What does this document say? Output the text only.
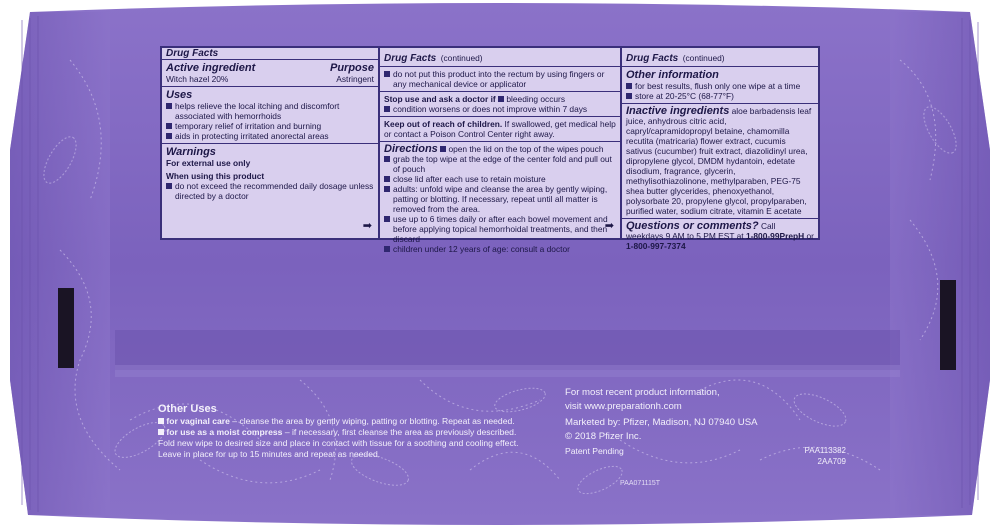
Drug Facts
Active ingredient	Purpose
Witch hazel 20%	Astringent
Uses
helps relieve the local itching and discomfort associated with hemorrhoids
temporary relief of irritation and burning
aids in protecting irritated anorectal areas
Warnings
For external use only
When using this product
do not exceed the recommended daily dosage unless directed by a doctor
➡
Drug Facts (continued)
do not put this product into the rectum by using fingers or any mechanical device or applicator
Stop use and ask a doctor if bleeding occurs
condition worsens or does not improve within 7 days
Keep out of reach of children. If swallowed, get medical help or contact a Poison Control Center right away.
Directions open the lid on the top of the wipes pouch
grab the top wipe at the edge of the center fold and pull out of pouch
close lid after each use to retain moisture
adults: unfold wipe and cleanse the area by gently wiping, patting or blotting. If necessary, repeat until all matter is removed from the area.
use up to 6 times daily or after each bowel movement and before applying topical hemorrhoidal treatments, and then discard
children under 12 years of age: consult a doctor
➡
Drug Facts (continued)
Other information
for best results, flush only one wipe at a time
store at 20-25°C (68-77°F)
Inactive ingredients aloe barbadensis leaf juice, anhydrous citric acid, capryl/capramidopropyl betaine, chamomilla recutita (matricaria) flower extract, cucumis sativus (cucumber) fruit extract, diazolidinyl urea, dipropylene glycol, DMDM hydantoin, edetate disodium, fragrance, glycerin, methylisothiazolinone, methylparaben, PEG-75 shea butter glycerides, phenoxyethanol, polysorbate 20, propylene glycol, propylparaben, purified water, sodium citrate, vitamin E acetate
Questions or comments? Call weekdays 9 AM to 5 PM EST at 1-800-99PrepH or 1-800-997-7374
Other Uses
for vaginal care – cleanse the area by gently wiping, patting or blotting. Repeat as needed.
for use as a moist compress – if necessary, first cleanse the area as previously described.
Fold new wipe to desired size and place in contact with tissue for a soothing and cooling effect.
Leave in place for up to 15 minutes and repeat as needed.
For most recent product information,
visit www.preparationh.com
Marketed by: Pfizer, Madison, NJ 07940 USA
© 2018 Pfizer Inc.
Patent Pending	PAA113382
2AA709
PAA071115T
